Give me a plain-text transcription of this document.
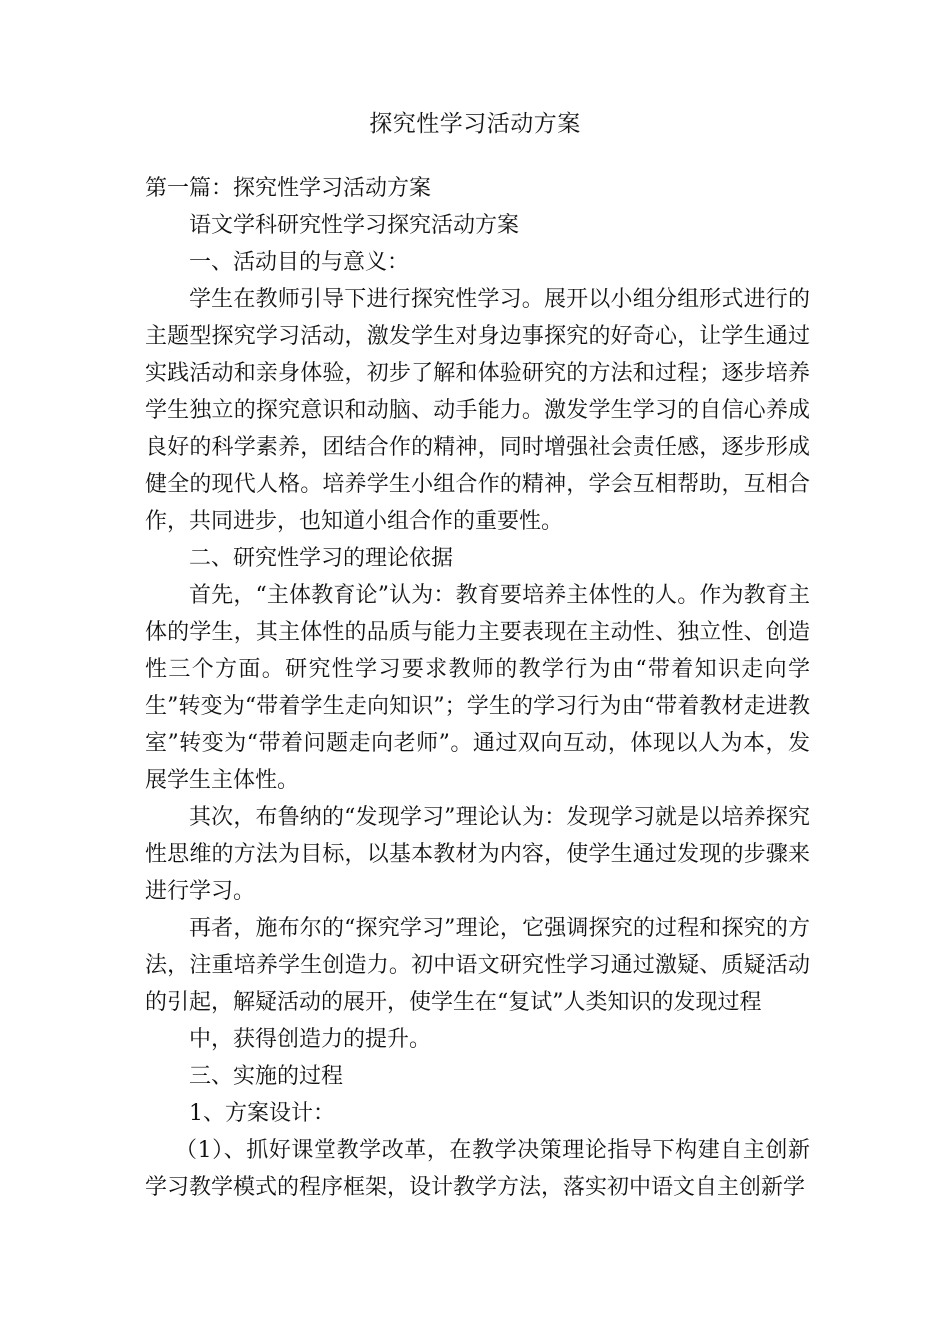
探究性学习活动方案

第一篇：探究性学习活动方案

语文学科研究性学习探究活动方案

一、活动目的与意义：

学生在教师引导下进行探究性学习。展开以小组分组形式进行的主题型探究学习活动，激发学生对身边事探究的好奇心，让学生通过实践活动和亲身体验，初步了解和体验研究的方法和过程；逐步培养学生独立的探究意识和动脑、动手能力。激发学生学习的自信心养成良好的科学素养，团结合作的精神，同时增强社会责任感，逐步形成健全的现代人格。培养学生小组合作的精神，学会互相帮助，互相合作，共同进步，也知道小组合作的重要性。

二、研究性学习的理论依据

首先，“主体教育论”认为：教育要培养主体性的人。作为教育主体的学生，其主体性的品质与能力主要表现在主动性、独立性、创造性三个方面。研究性学习要求教师的教学行为由“带着知识走向学生”转变为“带着学生走向知识”；学生的学习行为由“带着教材走进教室”转变为“带着问题走向老师”。通过双向互动，体现以人为本，发展学生主体性。

其次，布鲁纳的“发现学习”理论认为：发现学习就是以培养探究性思维的方法为目标，以基本教材为内容，使学生通过发现的步骤来进行学习。

再者，施布尔的“探究学习”理论，它强调探究的过程和探究的方法，注重培养学生创造力。初中语文研究性学习通过激疑、质疑活动的引起，解疑活动的展开，使学生在“复试”人类知识的发现过程

中，获得创造力的提升。

三、实施的过程

1、方案设计：

（1）、抓好课堂教学改革，在教学决策理论指导下构建自主创新学习教学模式的程序框架，设计教学方法，落实初中语文自主创新学
